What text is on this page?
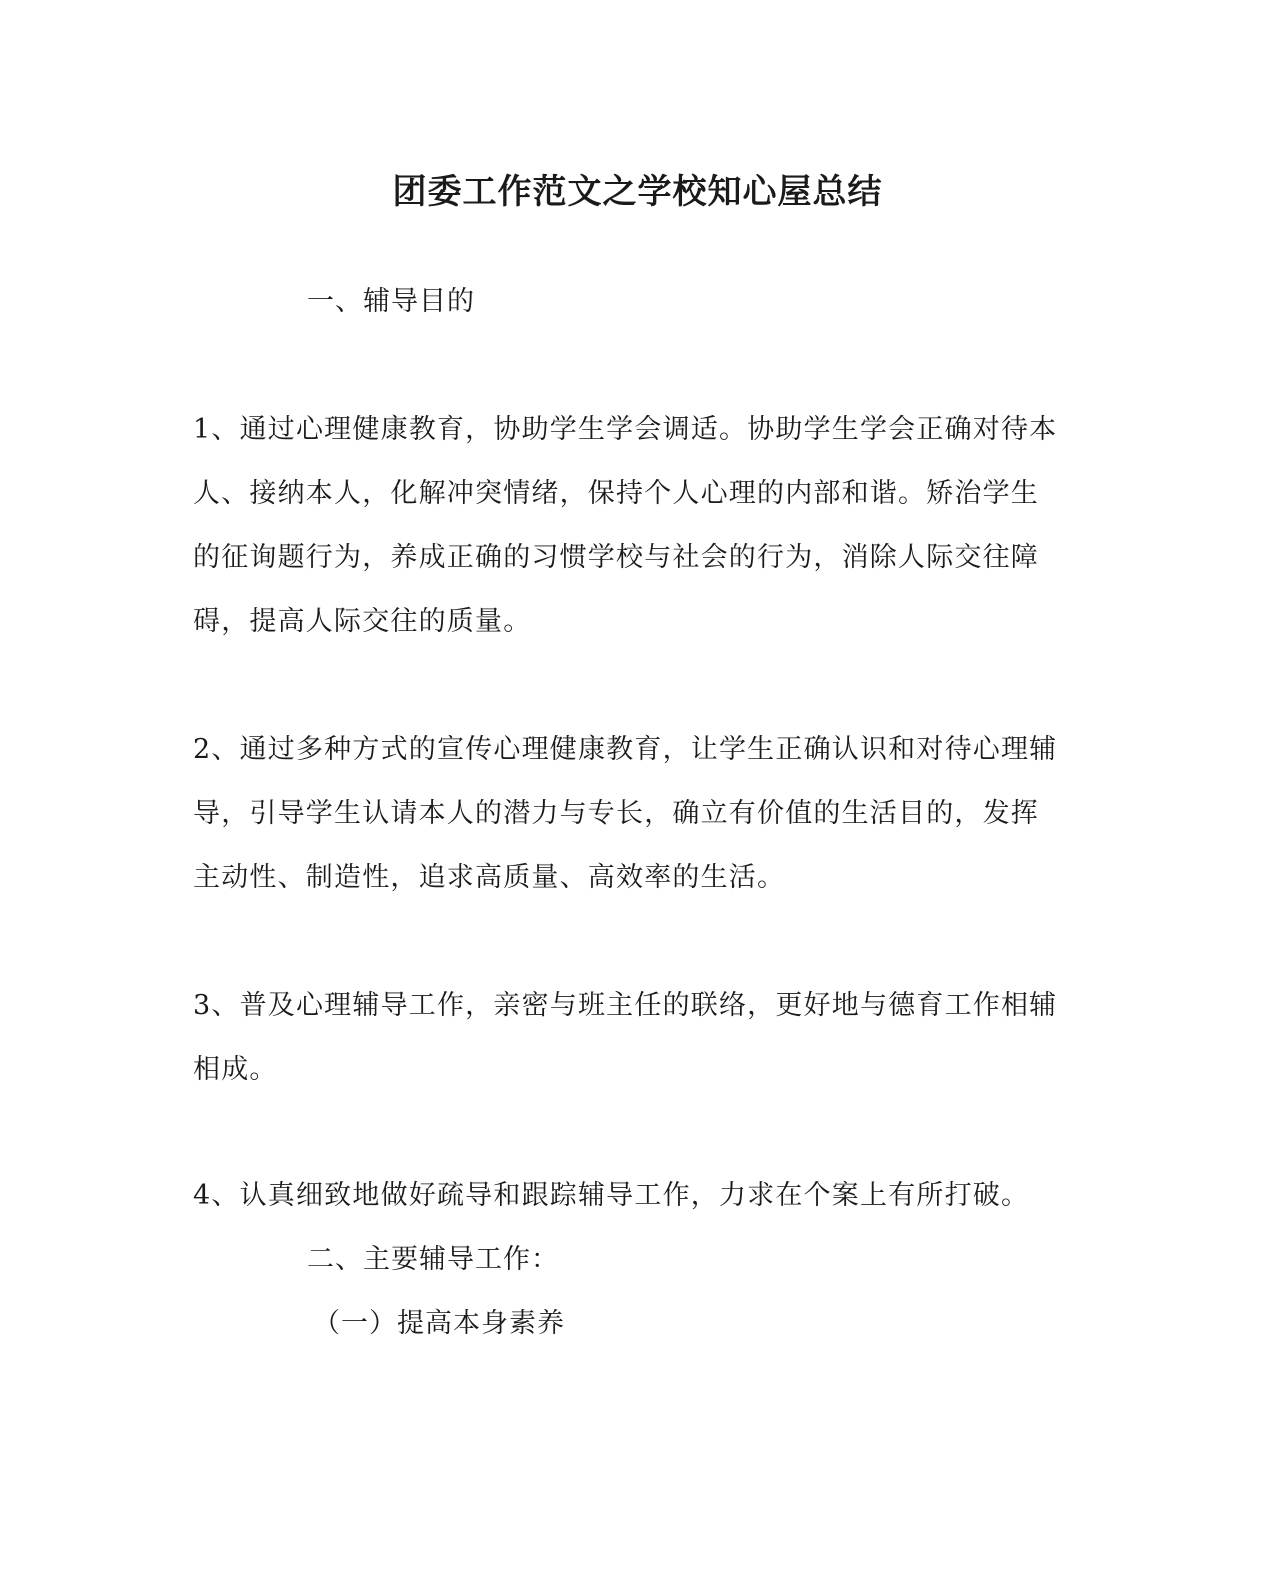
团委工作范文之学校知心屋总结
一、辅导目的

1、通过心理健康教育，协助学生学会调适。协助学生学会正确对待本人、接纳本人，化解冲突情绪，保持个人心理的内部和谐。矫治学生的征询题行为，养成正确的习惯学校与社会的行为，消除人际交往障碍，提高人际交往的质量。

2、通过多种方式的宣传心理健康教育，让学生正确认识和对待心理辅导，引导学生认请本人的潜力与专长，确立有价值的生活目的，发挥主动性、制造性，追求高质量、高效率的生活。

3、普及心理辅导工作，亲密与班主任的联络，更好地与德育工作相辅相成。

4、认真细致地做好疏导和跟踪辅导工作，力求在个案上有所打破。

二、主要辅导工作：
（一）提高本身素养
